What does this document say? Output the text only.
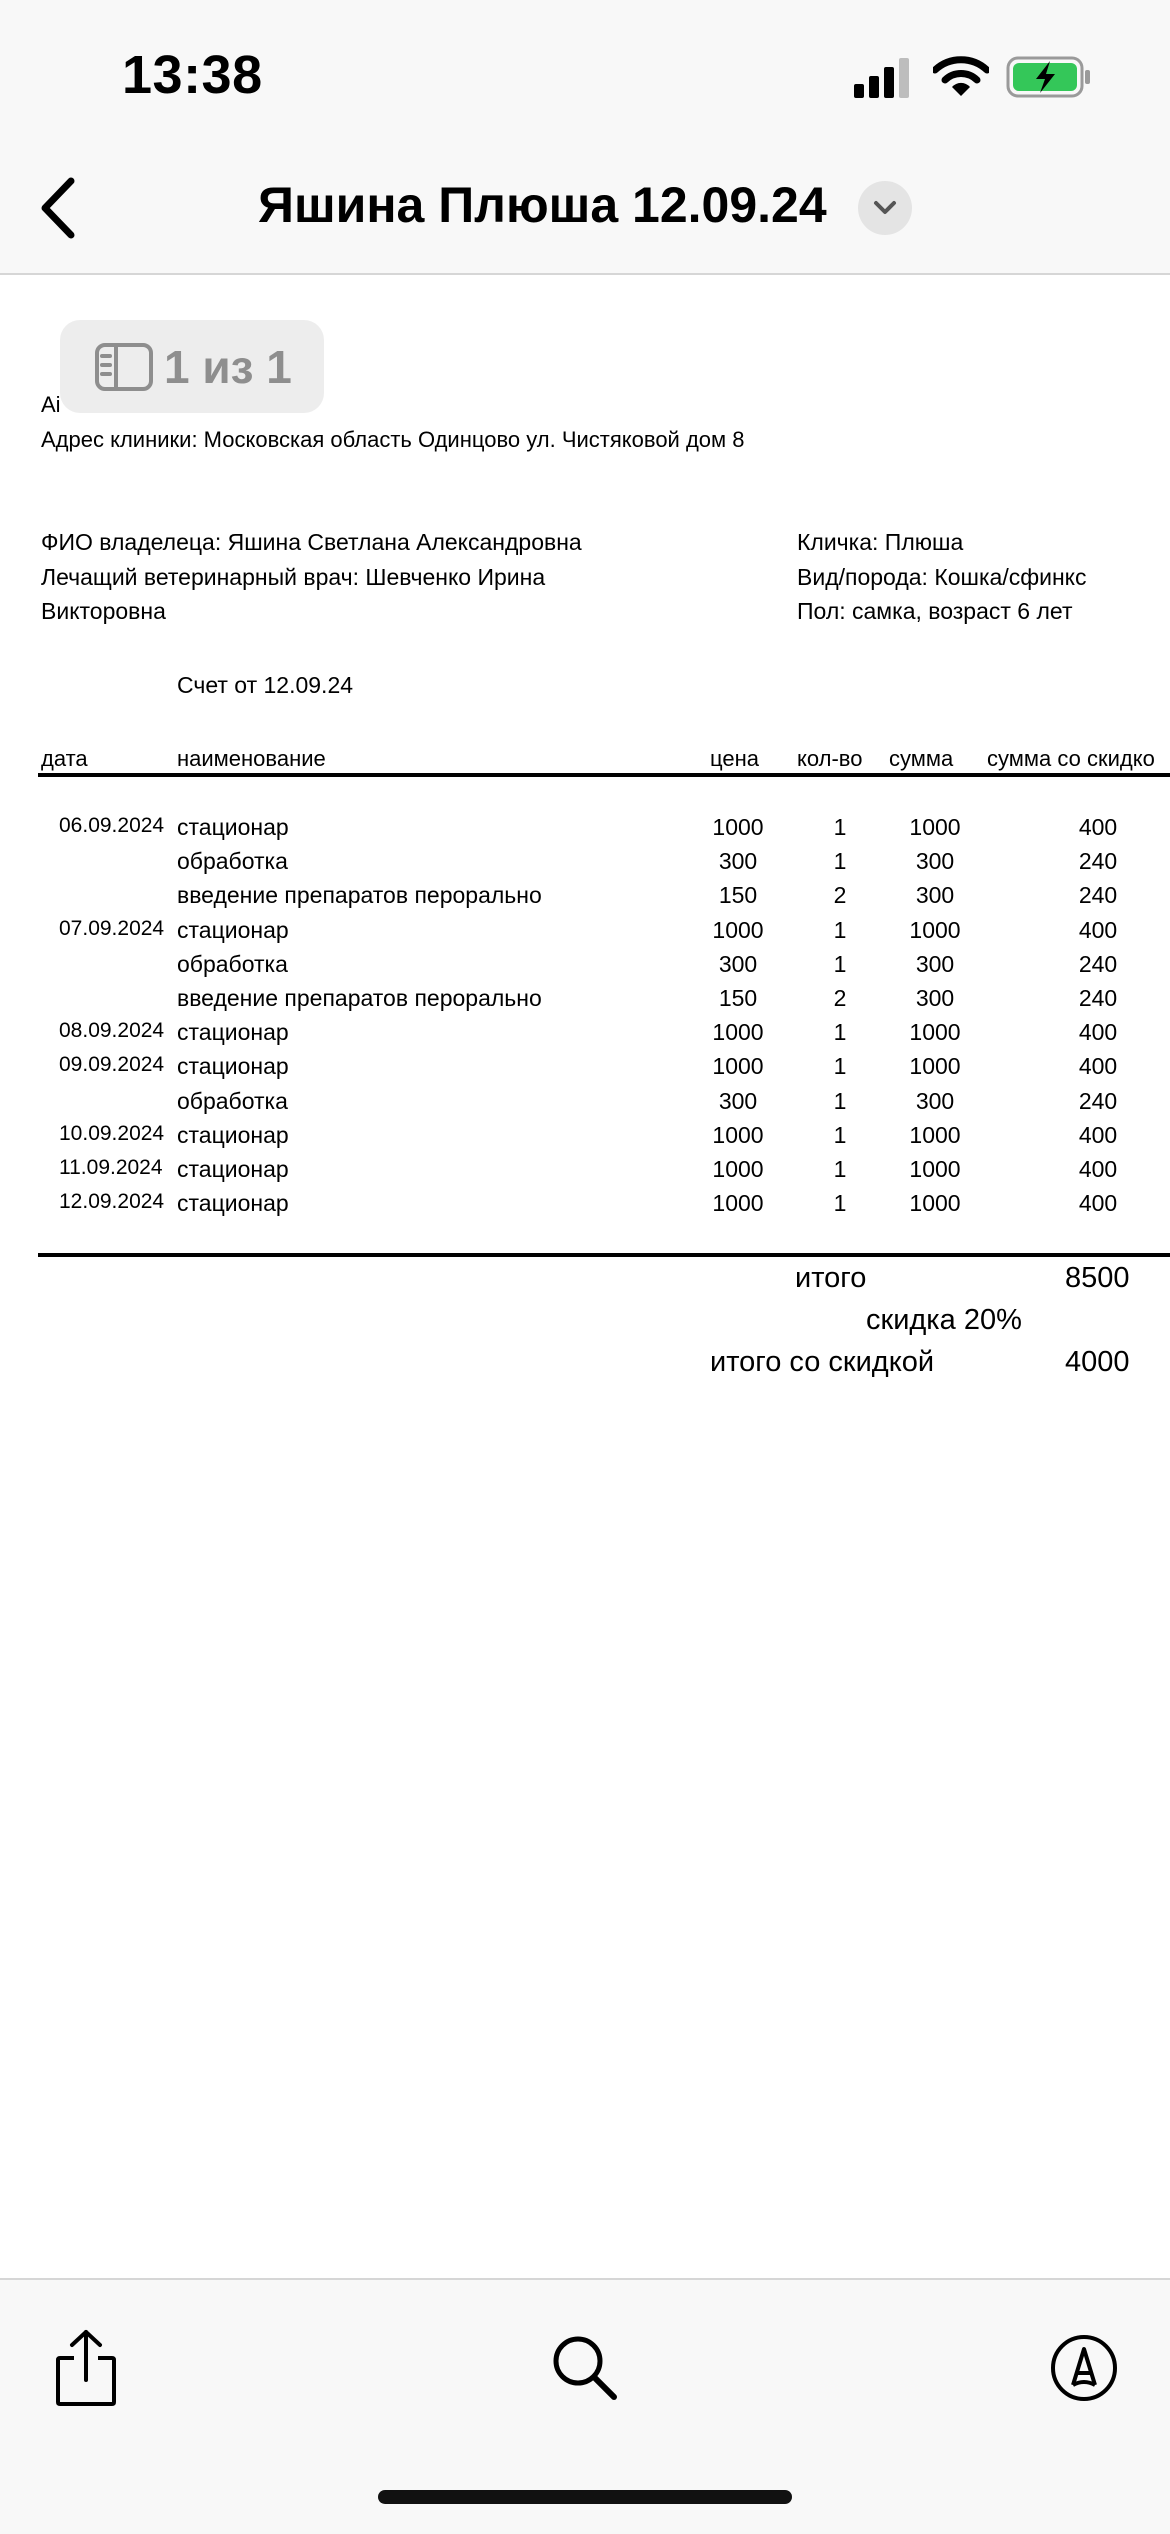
13:38
Яшина Плюша 12.09.24
Ai
Адрес клиники: Московская область Одинцово ул. Чистяковой дом 8
ФИО владелеца: Яшина Светлана Александровна
Лечащий ветеринарный врач: Шевченко Ирина
Викторовна
Кличка: Плюша
Вид/порода: Кошка/сфинкс
Пол: самка, возраст 6 лет
Счет от 12.09.24
дата	наименование	цена кол-во сумма сумма со скидко
06.09.2024 стационар	1000	1	1000	400
обработка	300	1	300	240
введение препаратов перорально	150	2	300	240
07.09.2024 стационар	1000	1	1000	400
обработка	300	1	300	240
введение препаратов перорально	150	2	300	240
08.09.2024 стационар	1000	1	1000	400
09.09.2024 стационар	1000	1	1000	400
обработка	300	1	300	240
10.09.2024 стационар	1000	1	1000	400
11.09.2024 стационар	1000	1	1000	400
12.09.2024 стационар	1000	1	1000	400
итого	8500
скидка 20%
итого со скидкой	4000
1 из 1
